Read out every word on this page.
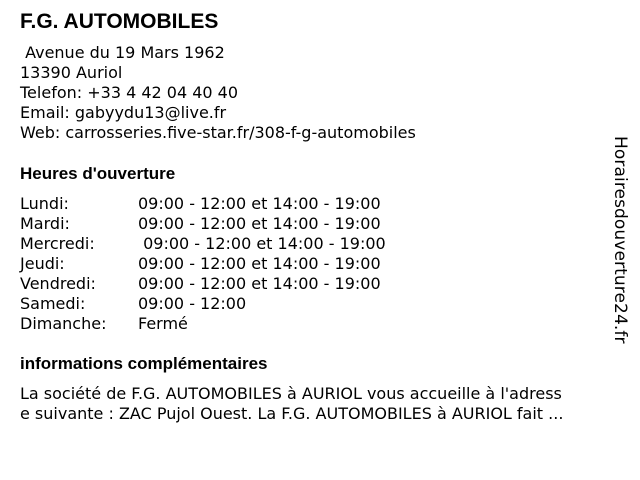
F.G. AUTOMOBILES
Avenue du 19 Mars 1962
13390 Auriol
Telefon: +33 4 42 04 40 40
Email: gabyydu13@live.fr
Web: carrosseries.five-star.fr/308-f-g-automobiles
Heures d'ouverture
Lundi:	09:00 - 12:00 et 14:00 - 19:00
Mardi:	09:00 - 12:00 et 14:00 - 19:00
Mercredi:	09:00 - 12:00 et 14:00 - 19:00
Jeudi:	09:00 - 12:00 et 14:00 - 19:00
Vendredi:	09:00 - 12:00 et 14:00 - 19:00
Samedi:	09:00 - 12:00
Dimanche:	Fermé
informations complémentaires
La société de F.G. AUTOMOBILES à AURIOL vous accueille à l'adress
e suivante : ZAC Pujol Ouest. La F.G. AUTOMOBILES à AURIOL fait ...
Horairesdouverture24.fr
